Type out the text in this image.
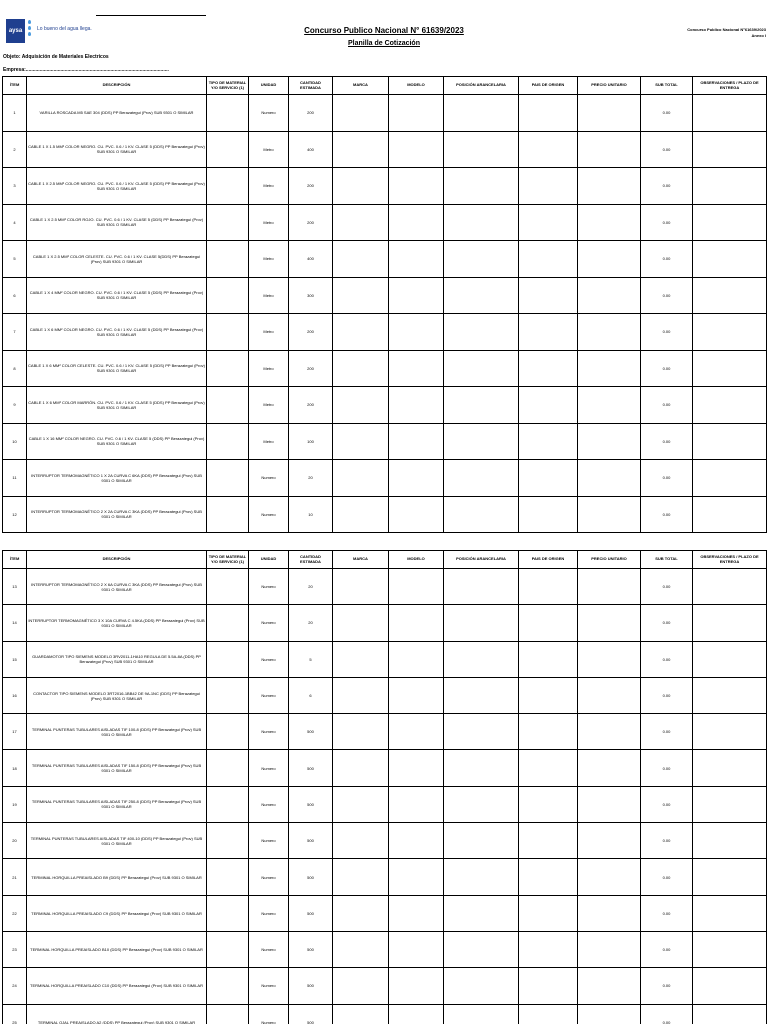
aysa	Lo bueno del agua llega.	Concurso Publico Nacional N° 61639/2023
Planilla de Cotización
Concurso Publico Nacional N°61639/2023
Anexo I
Objeto: Adquisición de Materiales Electricos
Empresa:.......................................................................................................
ÍTEM	DESCRIPCIÓN	TIPO DE MATERIAL Y/O SERVICIO (1)	UNIDAD	CANTIDAD ESTIMADA	MARCA	MODELO	POSICIÓN ARANCELARIA	PAIS DE ORIGEN	PRECIO UNITARIO	SUB TOTAL	OBSERVACIONES / PLAZO DE ENTREGA
1	VARILLA ROSCADA M5 SAE 304 (DDS) PP Berazategui (Prov) SUB 9301 O SIMILAR		Numero	200						0.00	
2	CABLE 1 X 1.5 MM² COLOR NEGRO. CU. PVC. 0.6 / 1 KV. CLASE 5 (DDS) PP Berazategui (Prov) SUB 9301 O SIMILAR		Metro	400						0.00	
3	CABLE 1 X 2.5 MM² COLOR NEGRO. CU. PVC. 0.6 / 1 KV. CLASE 5 (DDS) PP Berazategui (Prov) SUB 9301 O SIMILAR		Metro	200						0.00	
4	CABLE 1 X 2.5 MM² COLOR ROJO. CU. PVC. 0.6 / 1 KV. CLASE 5 (DDS) PP Berazategui (Prov) SUB 9301 O SIMILAR		Metro	200						0.00	
5	CABLE 1 X 2.5 MM² COLOR CELESTE. CU. PVC. 0.6 / 1 KV. CLASE 5(DDS) PP Berazategui (Prov) SUB 9301 O SIMILAR		Metro	400						0.00	
6	CABLE 1 X 4 MM² COLOR NEGRO. CU. PVC. 0.6 / 1 KV. CLASE 5 (DDS) PP Berazategui (Prov) SUB 9301 O SIMILAR		Metro	300						0.00	
7	CABLE 1 X 6 MM² COLOR NEGRO. CU. PVC. 0.6 / 1 KV. CLASE 5 (DDS) PP Berazategui (Prov) SUB 9301 O SIMILAR		Metro	200						0.00	
8	CABLE 1 X 6 MM² COLOR CELESTE. CU. PVC. 0.6 / 1 KV. CLASE 5 (DDS) PP Berazategui (Prov) SUB 9301 O SIMILAR		Metro	200						0.00	
9	CABLE 1 X 6 MM² COLOR MARRÓN. CU. PVC. 0.6 / 1 KV. CLASE 5 (DDS) PP Berazategui (Prov) SUB 9301 O SIMILAR		Metro	200						0.00	
10	CABLE 1 X 16 MM² COLOR NEGRO. CU. PVC. 0.6 / 1 KV. CLASE 5 (DDS) PP Berazategui (Prov) SUB 9301 O SIMILAR		Metro	100						0.00	
11	INTERRUPTOR TERMOMAGNÉTICO 1 X 2A CURVA C 6KA (DDS) PP Berazategui (Prov) SUB 9301 O SIMILAR		Numero	20						0.00	
12	INTERRUPTOR TERMOMAGNÉTICO 2 X 2A CURVA C 3KA (DDS) PP Berazategui (Prov) SUB 9301 O SIMILAR		Numero	10						0.00	
ÍTEM	DESCRIPCIÓN	TIPO DE MATERIAL Y/O SERVICIO (1)	UNIDAD	CANTIDAD ESTIMADA	MARCA	MODELO	POSICIÓN ARANCELARIA	PAIS DE ORIGEN	PRECIO UNITARIO	SUB TOTAL	OBSERVACIONES / PLAZO DE ENTREGA
13	INTERRUPTOR TERMOMAGNÉTICO 2 X 6A CURVA C 3KA (DDS) PP Berazategui (Prov) SUB 9301 O SIMILAR		Numero	20						0.00	
14	INTERRUPTOR TERMOMAGNÉTICO 3 X 10A CURVA C 4.5KA (DDS) PP Berazategui (Prov) SUB 9301 O SIMILAR		Numero	20						0.00	
15	GUARDAMOTOR TIPO SIEMENS MODELO 3RV2011-1HA10 REGULA DE 5.5A-8A (DDS) PP Berazategui (Prov) SUB 9301 O SIMILAR		Numero	5						0.00	
16	CONTACTOR TIPO SIEMENS MODELO 3RT2016-1BB42 DE 9A-1NC (DDS) PP Berazategui (Prov) SUB 9301 O SIMILAR		Numero	6						0.00	
17	TERMINAL PUNTERAS TUBULARES AISLADAS TIF 100-8 (DDS) PP Berazategui (Prov) SUB 9301 O SIMILAR		Numero	500						0.00	
18	TERMINAL PUNTERAS TUBULARES AISLADAS TIF 150-8 (DDS) PP Berazategui (Prov) SUB 9301 O SIMILAR		Numero	500						0.00	
19	TERMINAL PUNTERAS TUBULARES AISLADAS TIF 250-8 (DDS) PP Berazategui (Prov) SUB 9301 O SIMILAR		Numero	500						0.00	
20	TERMINAL PUNTERAS TUBULARES AISLADAS TIF 400-10 (DDS) PP Berazategui (Prov) SUB 9301 O SIMILAR		Numero	500						0.00	
21	TERMINAL HORQUILLA PREAISLADO B9 (DDS) PP Berazategui (Prov) SUB 9301 O SIMILAR		Numero	500						0.00	
22	TERMINAL HORQUILLA PREAISLADO C9 (DDS) PP Berazategui (Prov) SUB 9301 O SIMILAR		Numero	500						0.00	
23	TERMINAL HORQUILLA PREAISLADO B10 (DDS) PP Berazategui (Prov) SUB 9301 O SIMILAR		Numero	500						0.00	
24	TERMINAL HORQUILLA PREAISLADO C10 (DDS) PP Berazategui (Prov) SUB 9301 O SIMILAR		Numero	500						0.00	
25	TERMINAL OJAL PREAISLADO A2 (DDS) PP Berazategui (Prov) SUB 9301 O SIMILAR		Numero	500						0.00	
